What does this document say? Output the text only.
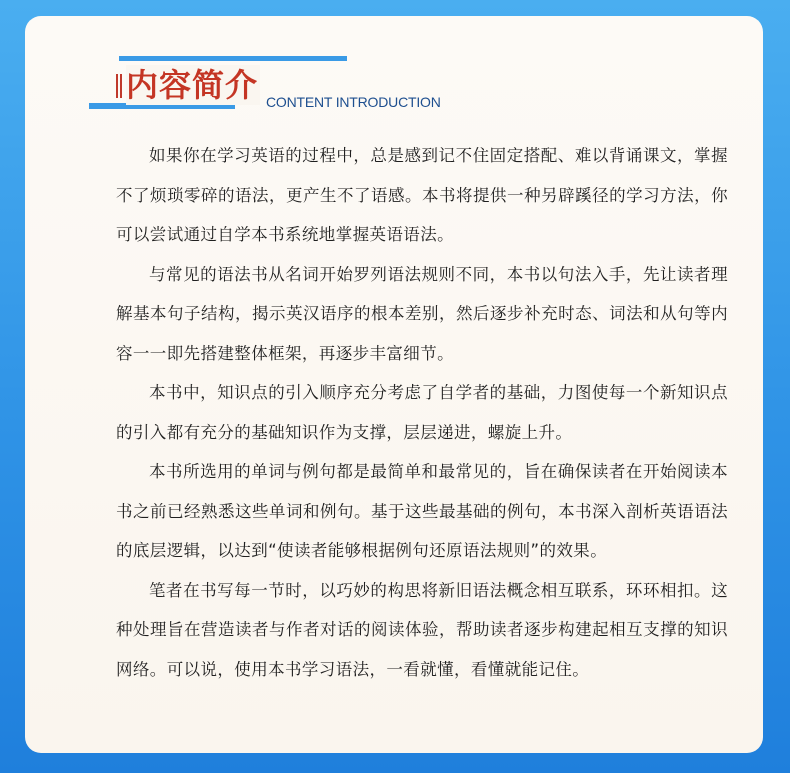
内容简介 CONTENT INTRODUCTION

如果你在学习英语的过程中，总是感到记不住固定搭配、难以背诵课文，掌握不了烦琐零碎的语法，更产生不了语感。本书将提供一种另辟蹊径的学习方法，你可以尝试通过自学本书系统地掌握英语语法。

与常见的语法书从名词开始罗列语法规则不同，本书以句法入手，先让读者理解基本句子结构，揭示英汉语序的根本差别，然后逐步补充时态、词法和从句等内容一一即先搭建整体框架，再逐步丰富细节。

本书中，知识点的引入顺序充分考虑了自学者的基础，力图使每一个新知识点的引入都有充分的基础知识作为支撑，层层递进，螺旋上升。

本书所选用的单词与例句都是最简单和最常见的，旨在确保读者在开始阅读本书之前已经熟悉这些单词和例句。基于这些最基础的例句，本书深入剖析英语语法的底层逻辑，以达到“使读者能够根据例句还原语法规则”的效果。

笔者在书写每一节时，以巧妙的构思将新旧语法概念相互联系，环环相扣。这种处理旨在营造读者与作者对话的阅读体验，帮助读者逐步构建起相互支撑的知识网络。可以说，使用本书学习语法，一看就懂，看懂就能记住。
